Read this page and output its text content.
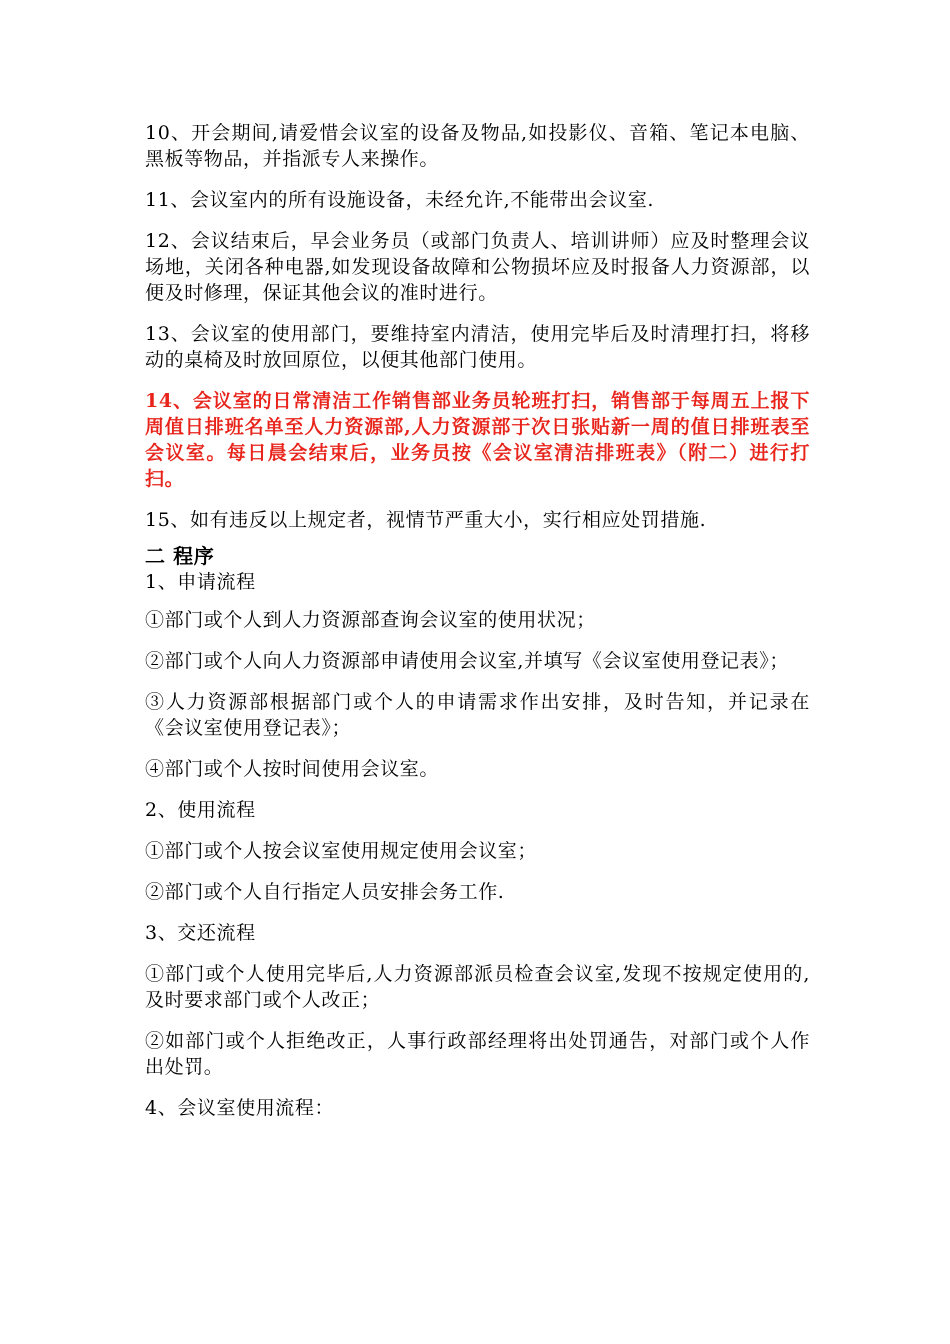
10、开会期间,请爱惜会议室的设备及物品,如投影仪、音箱、笔记本电脑、黑板等物品，并指派专人来操作。

11、会议室内的所有设施设备，未经允许,不能带出会议室.

12、会议结束后，早会业务员（或部门负责人、培训讲师）应及时整理会议场地，关闭各种电器,如发现设备故障和公物损坏应及时报备人力资源部，以便及时修理，保证其他会议的准时进行。

13、会议室的使用部门，要维持室内清洁，使用完毕后及时清理打扫，将移动的桌椅及时放回原位，以便其他部门使用。

14、会议室的日常清洁工作销售部业务员轮班打扫，销售部于每周五上报下周值日排班名单至人力资源部,人力资源部于次日张贴新一周的值日排班表至会议室。每日晨会结束后，业务员按《会议室清洁排班表》（附二）进行打扫。

15、如有违反以上规定者，视情节严重大小，实行相应处罚措施.

二 程序

1、申请流程

①部门或个人到人力资源部查询会议室的使用状况；

②部门或个人向人力资源部申请使用会议室,并填写《会议室使用登记表》；

③人力资源部根据部门或个人的申请需求作出安排，及时告知，并记录在《会议室使用登记表》；

④部门或个人按时间使用会议室。

2、使用流程

①部门或个人按会议室使用规定使用会议室；

②部门或个人自行指定人员安排会务工作.

3、交还流程

①部门或个人使用完毕后,人力资源部派员检查会议室,发现不按规定使用的,及时要求部门或个人改正；

②如部门或个人拒绝改正，人事行政部经理将出处罚通告，对部门或个人作出处罚。

4、会议室使用流程：
